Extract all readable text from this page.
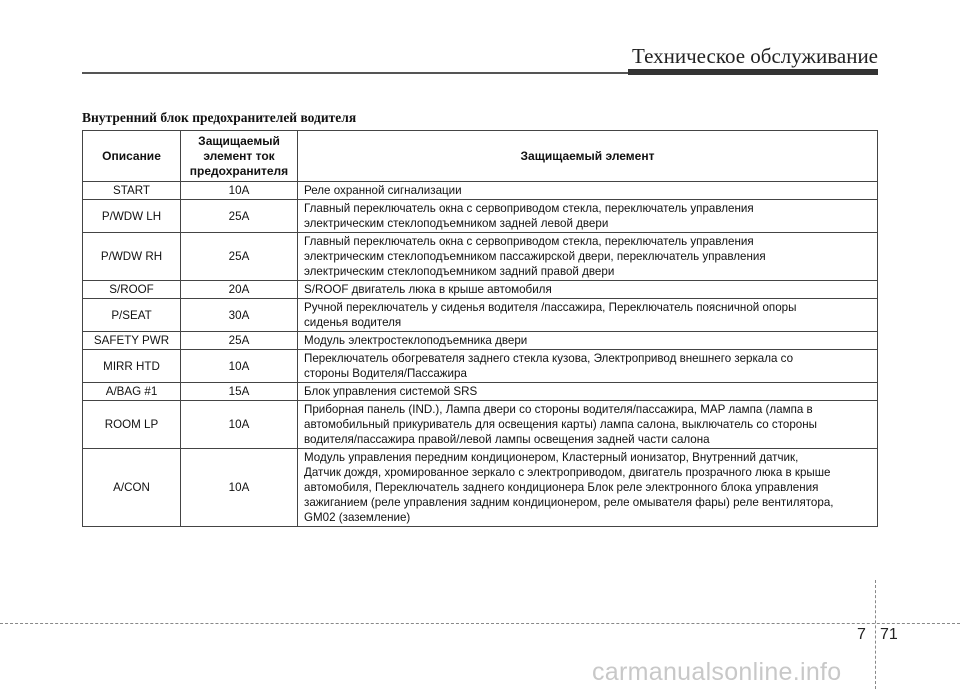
Техническое обслуживание
Внутренний блок предохранителей водителя
Описание	Защищаемый элемент ток предохранителя	Защищаемый элемент
START	10A	Реле охранной сигнализации

P/WDW LH	25A	Главный переключатель окна с сервоприводом стекла, переключатель управления
электрическим стеклоподъемником задней левой двери

P/WDW RH	25A	Главный переключатель окна с сервоприводом стекла, переключатель управления
электрическим стеклоподъемником пассажирской двери, переключатель управления
электрическим стеклоподъемником задний правой двери

S/ROOF	20A	S/ROOF двигатель люка в крыше автомобиля

P/SEAT	30A	Ручной переключатель у сиденья водителя /пассажира, Переключатель поясничной опоры
сиденья водителя

SAFETY PWR	25A	Модуль электростеклоподъемника двери

MIRR HTD	10A	Переключатель обогревателя заднего стекла кузова, Электропривод внешнего зеркала со
стороны Водителя/Пассажира

A/BAG #1	15A	Блок управления системой SRS

ROOM LP	10A	Приборная панель (IND.), Лампа двери со стороны водителя/пассажира, MAP лампа (лампа в
автомобильный прикуриватель для освещения карты) лампа салона, выключатель со стороны
водителя/пассажира правой/левой лампы освещения задней части салона

A/CON	10A	Модуль управления передним кондиционером, Кластерный ионизатор, Внутренний датчик,
Датчик дождя, хромированное зеркало с электроприводом, двигатель прозрачного люка в крыше
автомобиля, Переключатель заднего кондиционера Блок реле электронного блока управления
зажиганием (реле управления задним кондиционером, реле омывателя фары) реле вентилятора,
GM02 (заземление)
7 71
carmanualsonline.info
